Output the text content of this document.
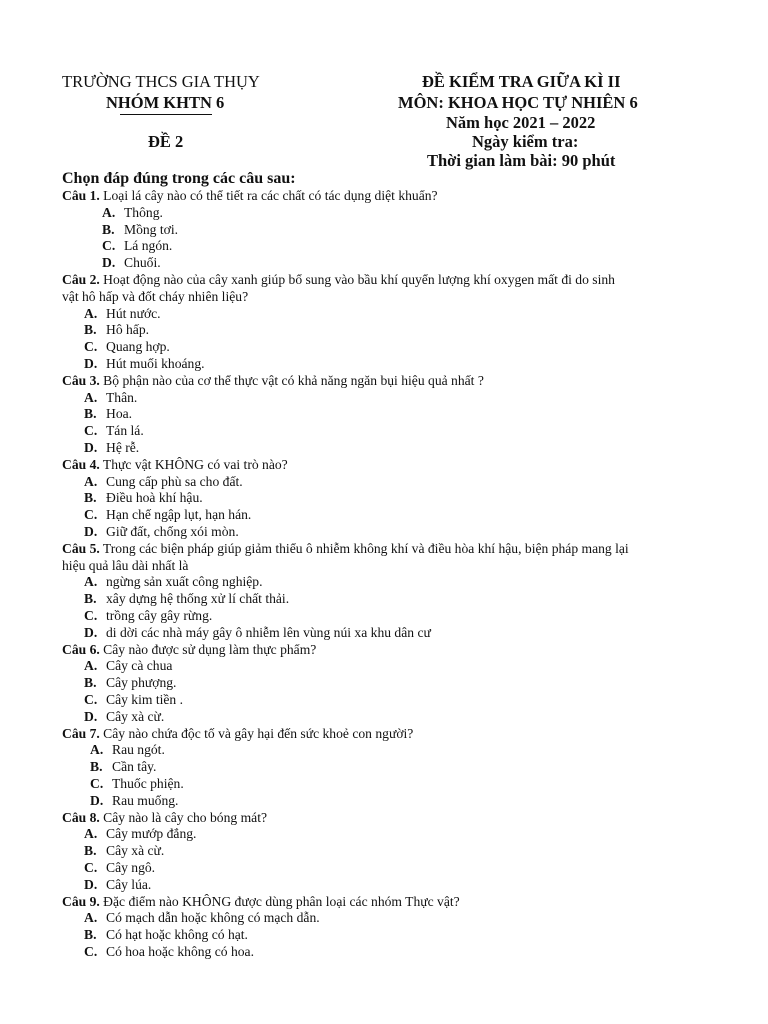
TRƯỜNG THCS GIA THỤY
NHÓM KHTN 6
ĐỀ 2
ĐỀ KIỂM TRA GIỮA KÌ II
MÔN: KHOA HỌC TỰ NHIÊN 6
Năm học 2021 – 2022
Ngày kiểm tra:
Thời gian làm bài: 90 phút
Chọn đáp đúng trong các câu sau:
Câu 1. Loại lá cây nào có thể tiết ra các chất có tác dụng diệt khuẩn?
A. Thông.
B. Mồng tơi.
C. Lá ngón.
D. Chuối.
Câu 2. Hoạt động nào của cây xanh giúp bổ sung vào bầu khí quyển lượng khí oxygen mất đi do sinh
vật hô hấp và đốt cháy nhiên liệu?
A. Hút nước.
B. Hô hấp.
C. Quang hợp.
D. Hút muối khoáng.
Câu 3. Bộ phận nào của cơ thể thực vật có khả năng ngăn bụi hiệu quả nhất ?
A. Thân.
B. Hoa.
C. Tán lá.
D. Hệ rễ.
Câu 4. Thực vật KHÔNG có vai trò nào?
A. Cung cấp phù sa cho đất.
B. Điều hoà khí hậu.
C. Hạn chế ngập lụt, hạn hán.
D. Giữ đất, chống xói mòn.
Câu 5. Trong các biện pháp giúp giảm thiểu ô nhiễm không khí và điều hòa khí hậu, biện pháp mang lại
hiệu quả lâu dài nhất là
A. ngừng sản xuất công nghiệp.
B. xây dựng hệ thống xử lí chất thải.
C. trồng cây gây rừng.
D. di dời các nhà máy gây ô nhiễm lên vùng núi xa khu dân cư
Câu 6. Cây nào được sử dụng làm thực phẩm?
A. Cây cà chua
B. Cây phượng.
C. Cây kim tiền .
D. Cây xà cừ.
Câu 7. Cây nào chứa độc tố và gây hại đến sức khoẻ con người?
A. Rau ngót.
B. Cần tây.
C. Thuốc phiện.
D. Rau muống.
Câu 8. Cây nào là cây cho bóng mát?
A. Cây mướp đắng.
B. Cây xà cừ.
C. Cây ngô.
D. Cây lúa.
Câu 9. Đặc điểm nào KHÔNG được dùng phân loại các nhóm Thực vật?
A. Có mạch dẫn hoặc không có mạch dẫn.
B. Có hạt hoặc không có hạt.
C. Có hoa hoặc không có hoa.
